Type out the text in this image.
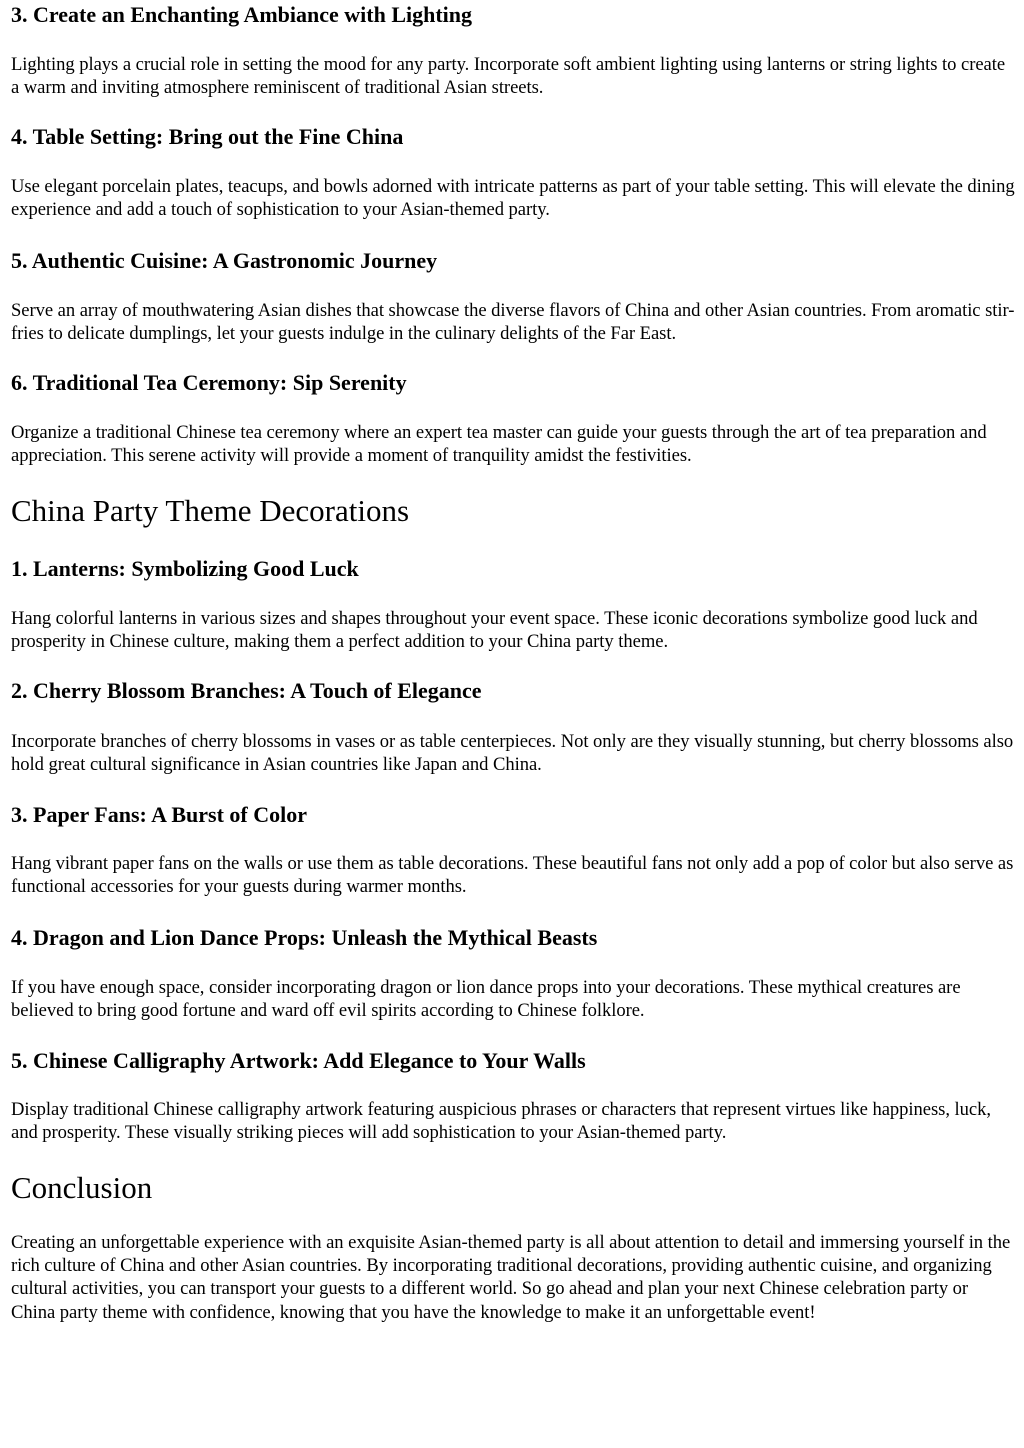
3. Create an Enchanting Ambiance with Lighting

Lighting plays a crucial role in setting the mood for any party. Incorporate soft ambient lighting using lanterns or string lights to create a warm and inviting atmosphere reminiscent of traditional Asian streets.

4. Table Setting: Bring out the Fine China

Use elegant porcelain plates, teacups, and bowls adorned with intricate patterns as part of your table setting. This will elevate the dining experience and add a touch of sophistication to your Asian-themed party.

5. Authentic Cuisine: A Gastronomic Journey

Serve an array of mouthwatering Asian dishes that showcase the diverse flavors of China and other Asian countries. From aromatic stir-fries to delicate dumplings, let your guests indulge in the culinary delights of the Far East.

6. Traditional Tea Ceremony: Sip Serenity

Organize a traditional Chinese tea ceremony where an expert tea master can guide your guests through the art of tea preparation and appreciation. This serene activity will provide a moment of tranquility amidst the festivities.

China Party Theme Decorations
1. Lanterns: Symbolizing Good Luck

Hang colorful lanterns in various sizes and shapes throughout your event space. These iconic decorations symbolize good luck and prosperity in Chinese culture, making them a perfect addition to your China party theme.

2. Cherry Blossom Branches: A Touch of Elegance

Incorporate branches of cherry blossoms in vases or as table centerpieces. Not only are they visually stunning, but cherry blossoms also hold great cultural significance in Asian countries like Japan and China.

3. Paper Fans: A Burst of Color

Hang vibrant paper fans on the walls or use them as table decorations. These beautiful fans not only add a pop of color but also serve as functional accessories for your guests during warmer months.

4. Dragon and Lion Dance Props: Unleash the Mythical Beasts

If you have enough space, consider incorporating dragon or lion dance props into your decorations. These mythical creatures are believed to bring good fortune and ward off evil spirits according to Chinese folklore.

5. Chinese Calligraphy Artwork: Add Elegance to Your Walls

Display traditional Chinese calligraphy artwork featuring auspicious phrases or characters that represent virtues like happiness, luck, and prosperity. These visually striking pieces will add sophistication to your Asian-themed party.

Conclusion

Creating an unforgettable experience with an exquisite Asian-themed party is all about attention to detail and immersing yourself in the rich culture of China and other Asian countries. By incorporating traditional decorations, providing authentic cuisine, and organizing cultural activities, you can transport your guests to a different world. So go ahead and plan your next Chinese celebration party or China party theme with confidence, knowing that you have the knowledge to make it an unforgettable event!
